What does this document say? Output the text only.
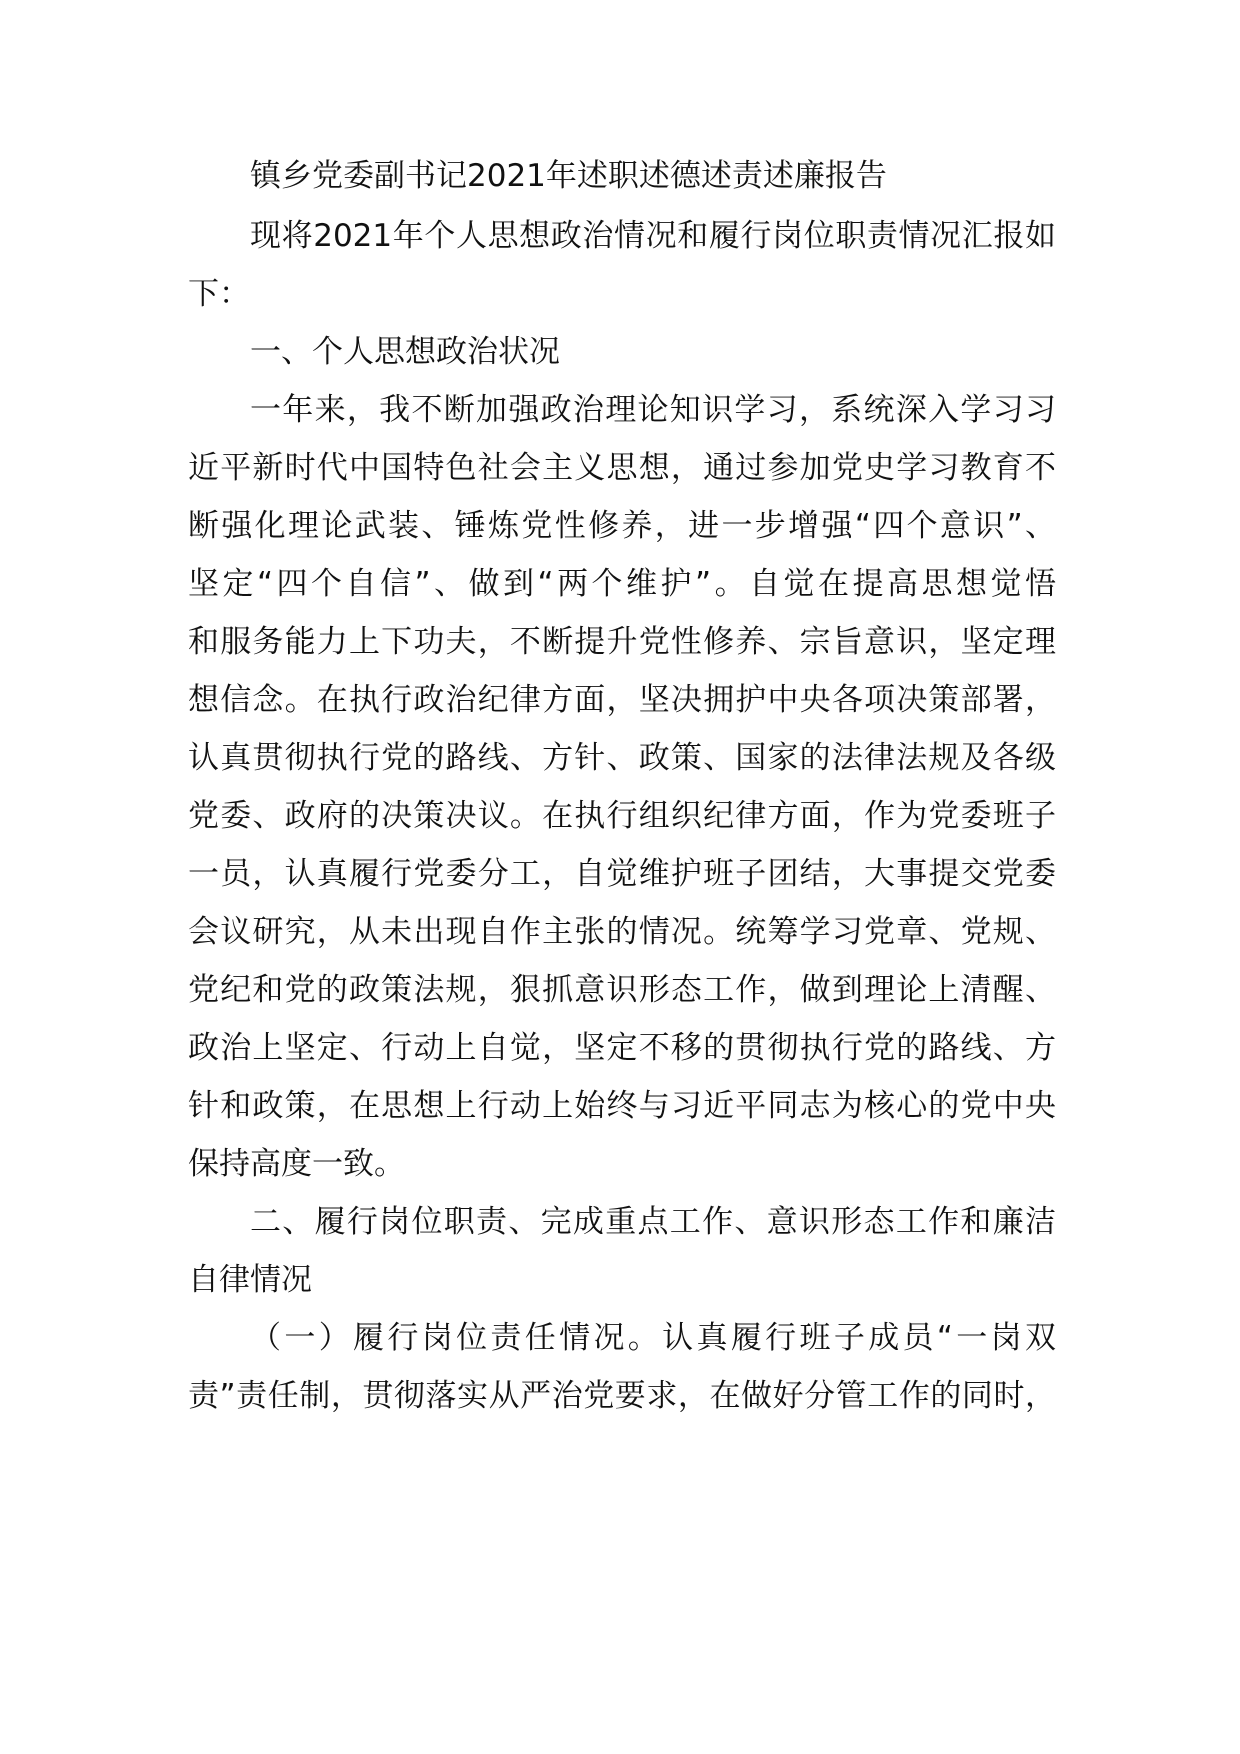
镇乡党委副书记2021年述职述德述责述廉报告
现将2021年个人思想政治情况和履行岗位职责情况汇报如
下：
一、个人思想政治状况
一年来，我不断加强政治理论知识学习，系统深入学习习
近平新时代中国特色社会主义思想，通过参加党史学习教育不
断强化理论武装、锤炼党性修养，进一步增强“四个意识”、
坚定“四个自信”、做到“两个维护”。自觉在提高思想觉悟
和服务能力上下功夫，不断提升党性修养、宗旨意识，坚定理
想信念。在执行政治纪律方面，坚决拥护中央各项决策部署，
认真贯彻执行党的路线、方针、政策、国家的法律法规及各级
党委、政府的决策决议。在执行组织纪律方面，作为党委班子
一员，认真履行党委分工，自觉维护班子团结，大事提交党委
会议研究，从未出现自作主张的情况。统筹学习党章、党规、
党纪和党的政策法规，狠抓意识形态工作，做到理论上清醒、
政治上坚定、行动上自觉，坚定不移的贯彻执行党的路线、方
针和政策，在思想上行动上始终与习近平同志为核心的党中央
保持高度一致。
二、履行岗位职责、完成重点工作、意识形态工作和廉洁
自律情况
（一）履行岗位责任情况。认真履行班子成员“一岗双
责”责任制，贯彻落实从严治党要求，在做好分管工作的同时，
